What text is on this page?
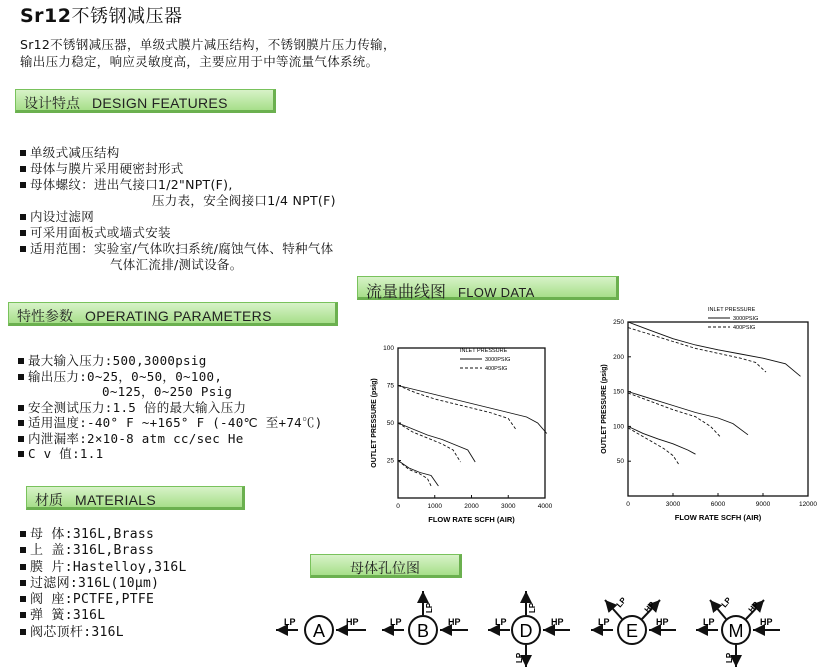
Sr12不锈钢减压器
Sr12不锈钢减压器，单级式膜片减压结构，不锈钢膜片压力传输，
输出压力稳定，响应灵敏度高，主要应用于中等流量气体系统。
设计特点 DESIGN FEATURES
单级式减压结构
母体与膜片采用硬密封形式
母体螺纹：进出气接口1/2"NPT(F),
压力表，安全阀接口1/4 NPT(F)
内设过滤网
可采用面板式或墙式安装
适用范围：实验室/气体吹扫系统/腐蚀气体、特种气体
气体汇流排/测试设备。
特性参数 OPERATING PARAMETERS
最大输入压力:500,3000psig
输出压力:0~25，0~50，0~100,
0~125，0~250 Psig
安全测试压力:1.5 倍的最大输入压力
适用温度:-40° F ~+165° F (-40℃ 至+74℃)
内泄漏率:2×10-8 atm cc/sec He
C v 值:1.1
材质 MATERIALS
母 体:316L,Brass
上 盖:316L,Brass
膜 片:Hastelloy,316L
过滤网:316L(10μm)
阀 座:PCTFE,PTFE
弹 簧:316L
阀芯顶杆:316L
流量曲线图 FLOW DATA
0	1000	2000	3000	4000
100
75
50
25
FLOW RATE SCFH (AIR)
OUTLET PRESSURE (psig)
INLET PRESSURE
3000PSIG
400PSIG
0	3000	6000	9000	12000
250
200
150
100
50
FLOW RATE SCFH (AIR)
OUTLET PRESSURE (psig)
INLET PRESSURE
3000PSIG
400PSIG
母体孔位图
LP A HP	LP B HP
LP
LP D HP
LP
LP
LP E HP
LP HP
LP M HP
LP HP
LP
